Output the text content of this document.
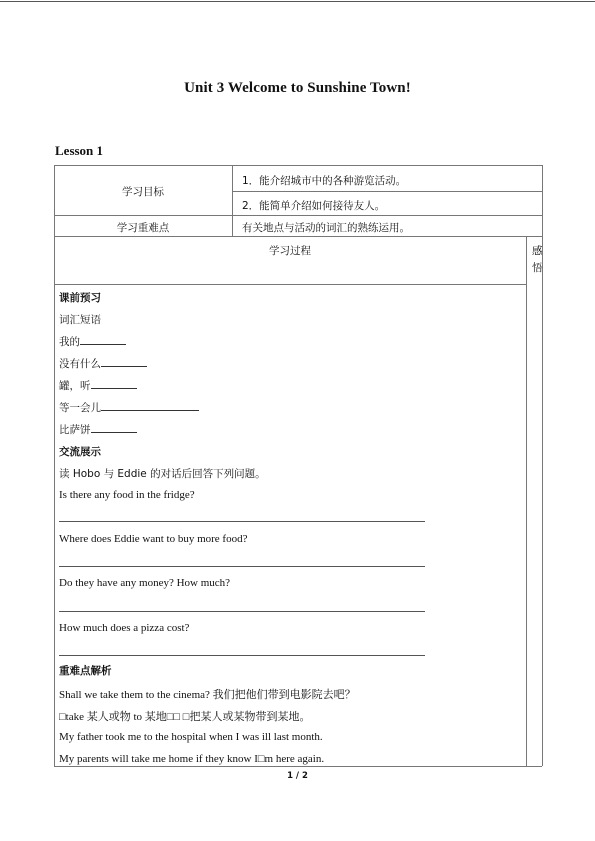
Unit 3 Welcome to Sunshine Town!
Lesson 1
学习目标
1．能介绍城市中的各种游览活动。
2．能简单介绍如何接待友人。
学习重难点	有关地点与活动的词汇的熟练运用。
学习过程	感悟
课前预习
词汇短语
我的
没有什么
罐，听
等一会儿
比萨饼
交流展示
读 Hobo 与 Eddie 的对话后回答下列问题。
Is there any food in the fridge?
Where does Eddie want to buy more food?
Do they have any money? How much?
How much does a pizza cost?
重难点解析
Shall we take them to the cinema? 我们把他们带到电影院去吧？
□take 某人或物 to 某地□□ □把某人或某物带到某地。
My father took me to the hospital when I was ill last month.
My parents will take me home if they know I□m here again.
1 / 2
